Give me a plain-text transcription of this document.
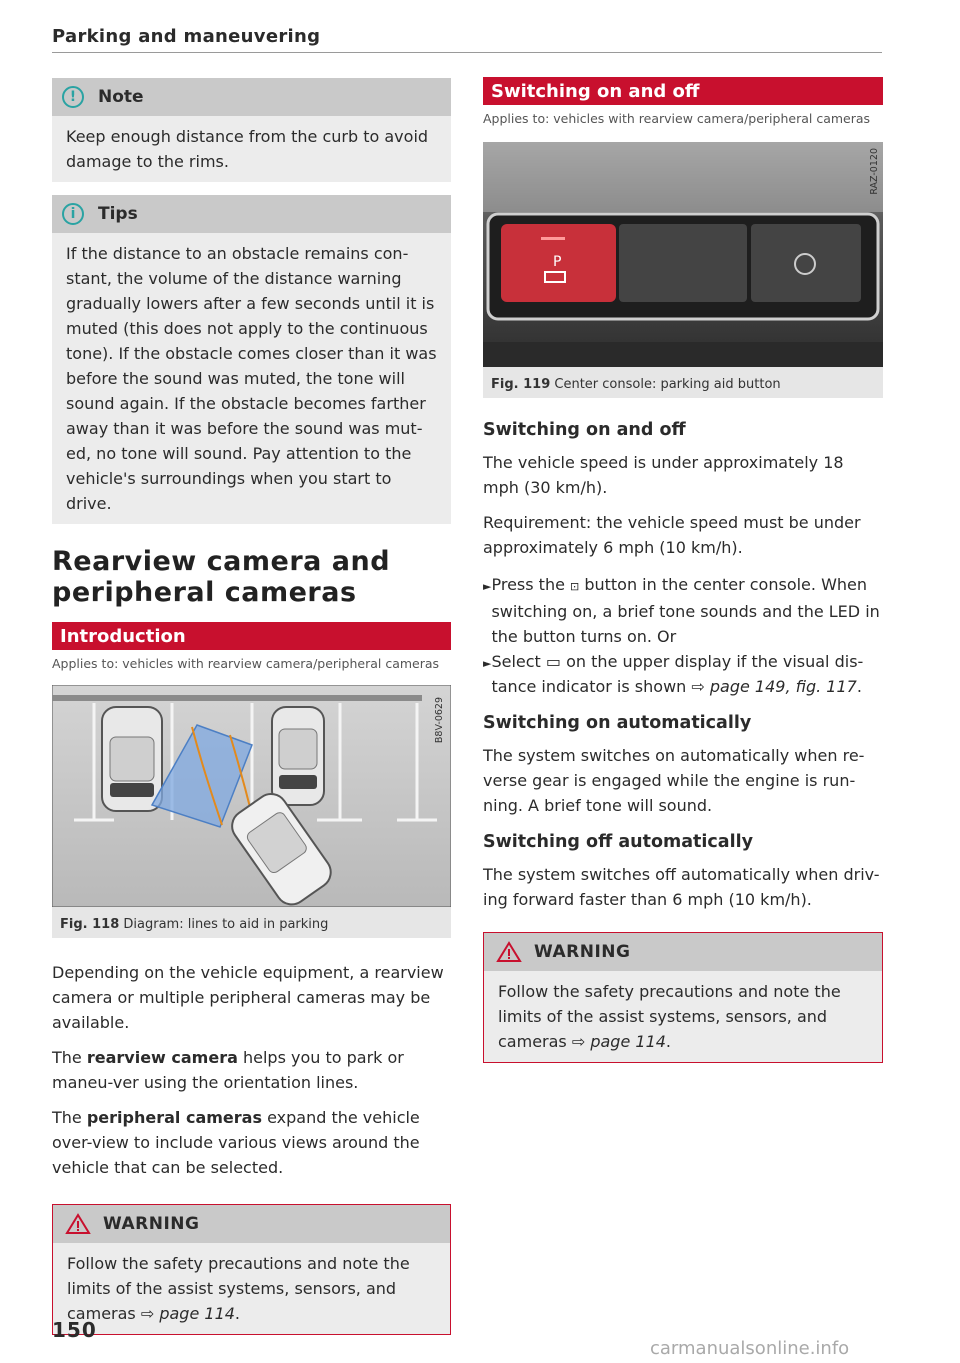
Parking and maneuvering
!	Note
Keep enough distance from the curb to avoid damage to the rims.
i	Tips
If the distance to an obstacle remains con-stant, the volume of the distance warning gradually lowers after a few seconds until it is muted (this does not apply to the continuous tone). If the obstacle comes closer than it was before the sound was muted, the tone will sound again. If the obstacle becomes farther away than it was before the sound was mut-ed, no tone will sound. Pay attention to the vehicle's surroundings when you start to drive.
Rearview camera and
peripheral cameras
Introduction
Applies to: vehicles with rearview camera/peripheral cameras
B8V-0629
Fig. 118 Diagram: lines to aid in parking
Depending on the vehicle equipment, a rearview camera or multiple peripheral cameras may be available.
The rearview camera helps you to park or maneu-ver using the orientation lines.
The peripheral cameras expand the vehicle over-view to include various views around the vehicle that can be selected.
WARNING
Follow the safety precautions and note the limits of the assist systems, sensors, and cameras ⇨ page 114.
Switching on and off
Applies to: vehicles with rearview camera/peripheral cameras
P
RAZ-0120
Fig. 119 Center console: parking aid button
Switching on and off
The vehicle speed is under approximately 18 mph (30 km/h).
Requirement: the vehicle speed must be under approximately 6 mph (10 km/h).
► Press the ⊡ button in the center console. When switching on, a brief tone sounds and the LED in the button turns on. Or
► Select ▭ on the upper display if the visual dis-tance indicator is shown ⇨ page 149, fig. 117.
Switching on automatically
The system switches on automatically when re-verse gear is engaged while the engine is run-ning. A brief tone will sound.
Switching off automatically
The system switches off automatically when driv-ing forward faster than 6 mph (10 km/h).
WARNING
Follow the safety precautions and note the limits of the assist systems, sensors, and cameras ⇨ page 114.
150
carmanualsonline.info
